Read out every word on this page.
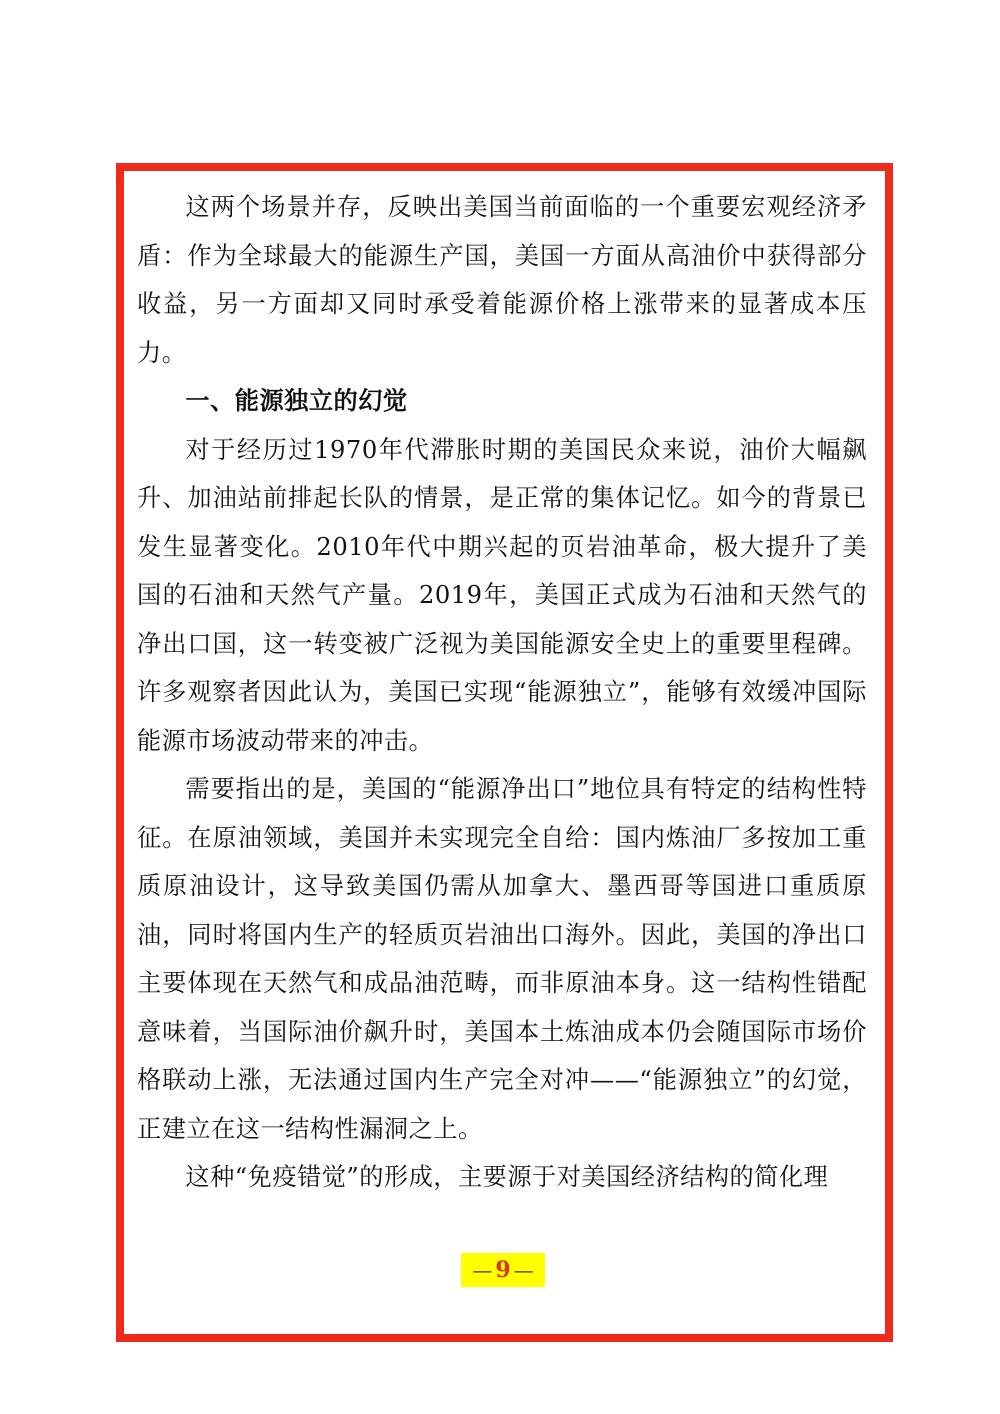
这两个场景并存，反映出美国当前面临的一个重要宏观经济矛盾：作为全球最大的能源生产国，美国一方面从高油价中获得部分收益，另一方面却又同时承受着能源价格上涨带来的显著成本压力。

一、能源独立的幻觉

对于经历过1970年代滞胀时期的美国民众来说，油价大幅飙升、加油站前排起长队的情景，是正常的集体记忆。如今的背景已发生显著变化。2010年代中期兴起的页岩油革命，极大提升了美国的石油和天然气产量。2019年，美国正式成为石油和天然气的净出口国，这一转变被广泛视为美国能源安全史上的重要里程碑。许多观察者因此认为，美国已实现“能源独立”，能够有效缓冲国际能源市场波动带来的冲击。

需要指出的是，美国的“能源净出口”地位具有特定的结构性特征。在原油领域，美国并未实现完全自给：国内炼油厂多按加工重质原油设计，这导致美国仍需从加拿大、墨西哥等国进口重质原油，同时将国内生产的轻质页岩油出口海外。因此，美国的净出口主要体现在天然气和成品油范畴，而非原油本身。这一结构性错配意味着，当国际油价飙升时，美国本土炼油成本仍会随国际市场价格联动上涨，无法通过国内生产完全对冲——“能源独立”的幻觉，正建立在这一结构性漏洞之上。

这种“免疫错觉”的形成，主要源于对美国经济结构的简化理

— 9 —
